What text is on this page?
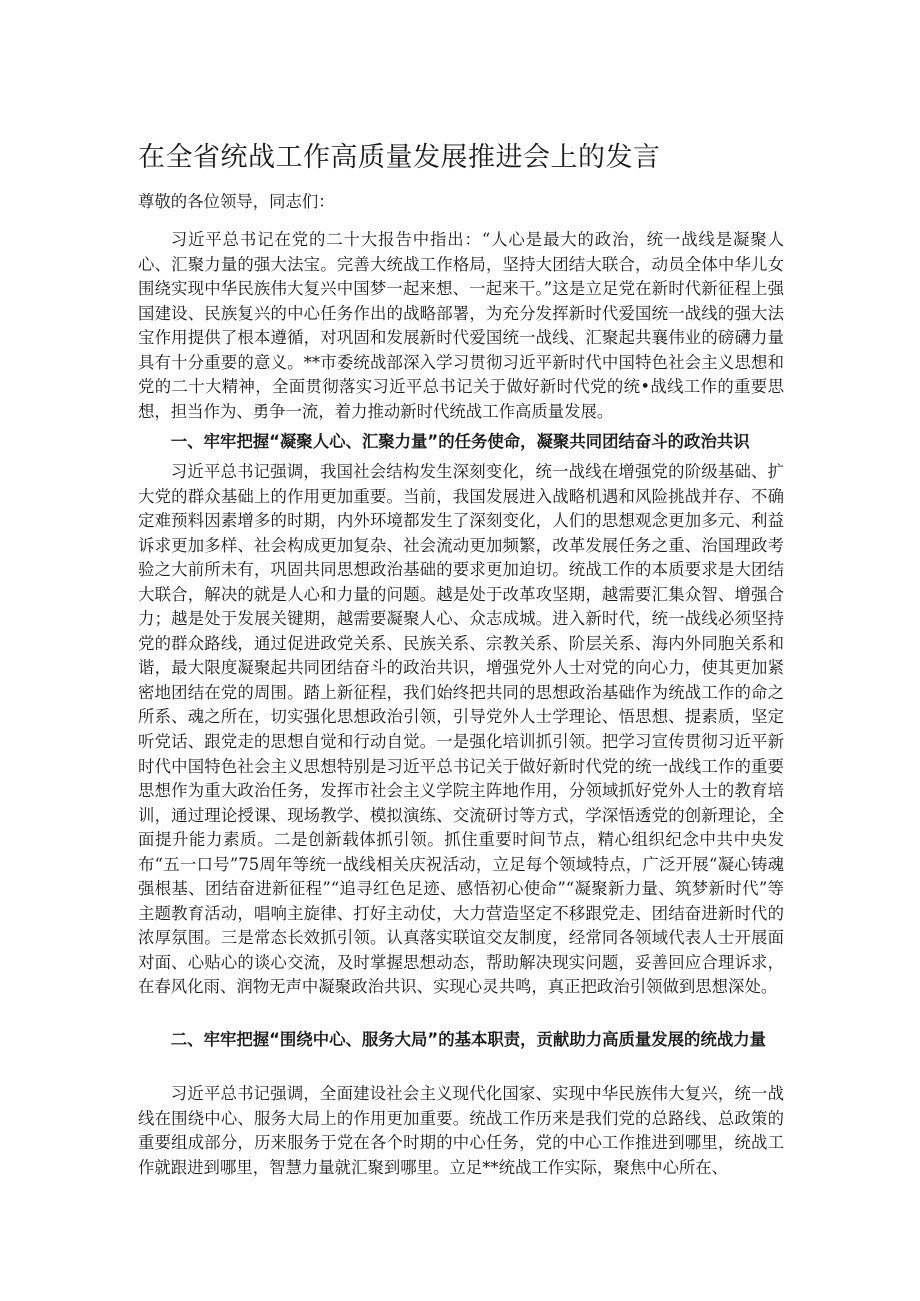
在全省统战工作高质量发展推进会上的发言
尊敬的各位领导，同志们：

习近平总书记在党的二十大报告中指出：“人心是最大的政治，统一战线是凝聚人心、汇聚力量的强大法宝。完善大统战工作格局，坚持大团结大联合，动员全体中华儿女围绕实现中华民族伟大复兴中国梦一起来想、一起来干。”这是立足党在新时代新征程上强国建设、民族复兴的中心任务作出的战略部署，为充分发挥新时代爱国统一战线的强大法宝作用提供了根本遵循，对巩固和发展新时代爱国统一战线、汇聚起共襄伟业的磅礴力量具有十分重要的意义。**市委统战部深入学习贯彻习近平新时代中国特色社会主义思想和党的二十大精神，全面贯彻落实习近平总书记关于做好新时代党的统•战线工作的重要思想，担当作为、勇争一流，着力推动新时代统战工作高质量发展。

一、牢牢把握“凝聚人心、汇聚力量”的任务使命，凝聚共同团结奋斗的政治共识

习近平总书记强调，我国社会结构发生深刻变化，统一战线在增强党的阶级基础、扩大党的群众基础上的作用更加重要。当前，我国发展进入战略机遇和风险挑战并存、不确定难预料因素增多的时期，内外环境都发生了深刻变化，人们的思想观念更加多元、利益诉求更加多样、社会构成更加复杂、社会流动更加频繁，改革发展任务之重、治国理政考验之大前所未有，巩固共同思想政治基础的要求更加迫切。统战工作的本质要求是大团结大联合，解决的就是人心和力量的问题。越是处于改革攻坚期，越需要汇集众智、增强合力；越是处于发展关键期，越需要凝聚人心、众志成城。进入新时代，统一战线必须坚持党的群众路线，通过促进政党关系、民族关系、宗教关系、阶层关系、海内外同胞关系和谐，最大限度凝聚起共同团结奋斗的政治共识，增强党外人士对党的向心力，使其更加紧密地团结在党的周围。踏上新征程，我们始终把共同的思想政治基础作为统战工作的命之所系、魂之所在，切实强化思想政治引领，引导党外人士学理论、悟思想、提素质，坚定听党话、跟党走的思想自觉和行动自觉。一是强化培训抓引领。把学习宣传贯彻习近平新时代中国特色社会主义思想特别是习近平总书记关于做好新时代党的统一战线工作的重要思想作为重大政治任务，发挥市社会主义学院主阵地作用，分领域抓好党外人士的教育培训，通过理论授课、现场教学、模拟演练、交流研讨等方式，学深悟透党的创新理论，全面提升能力素质。二是创新载体抓引领。抓住重要时间节点，精心组织纪念中共中央发布“五一口号”75周年等统一战线相关庆祝活动，立足每个领域特点，广泛开展“凝心铸魂强根基、团结奋进新征程”“追寻红色足迹、感悟初心使命”“凝聚新力量、筑梦新时代”等主题教育活动，唱响主旋律、打好主动仗，大力营造坚定不移跟党走、团结奋进新时代的浓厚氛围。三是常态长效抓引领。认真落实联谊交友制度，经常同各领域代表人士开展面对面、心贴心的谈心交流，及时掌握思想动态，帮助解决现实问题，妥善回应合理诉求，在春风化雨、润物无声中凝聚政治共识、实现心灵共鸣，真正把政治引领做到思想深处。

二、牢牢把握“围绕中心、服务大局”的基本职责，贡献助力高质量发展的统战力量

习近平总书记强调，全面建设社会主义现代化国家、实现中华民族伟大复兴，统一战线在围绕中心、服务大局上的作用更加重要。统战工作历来是我们党的总路线、总政策的重要组成部分，历来服务于党在各个时期的中心任务，党的中心工作推进到哪里，统战工作就跟进到哪里，智慧力量就汇聚到哪里。立足**统战工作实际，聚焦中心所在、
